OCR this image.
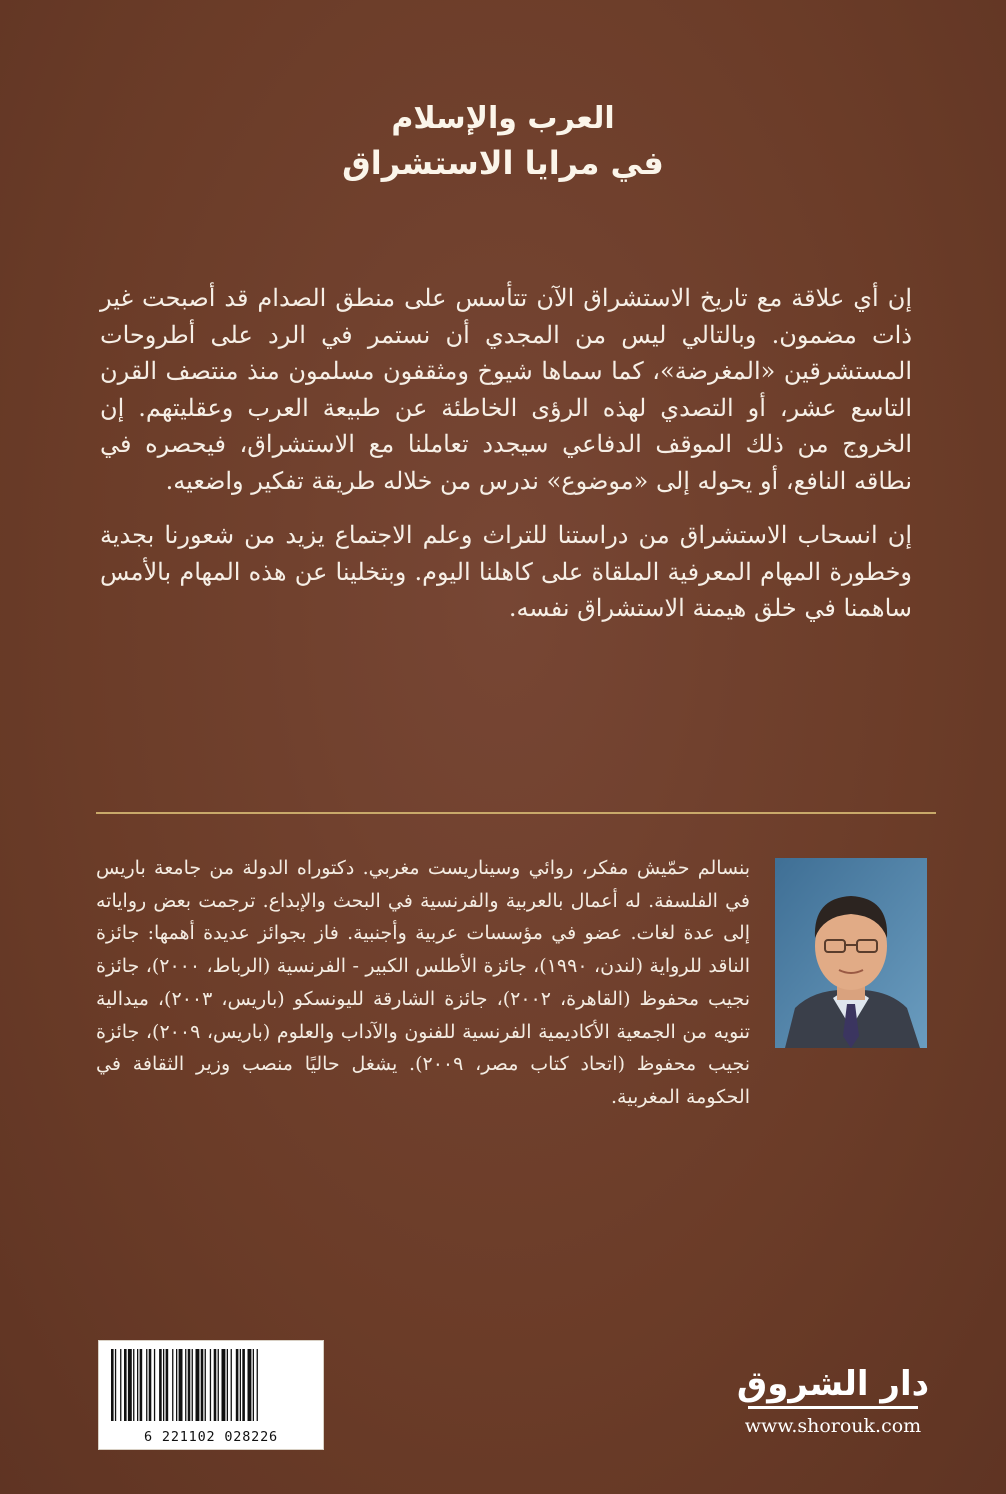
العرب والإسلام
في مرايا الاستشراق

إن أي علاقة مع تاريخ الاستشراق الآن تتأسس على منطق الصدام قد أصبحت غير ذات مضمون. وبالتالي ليس من المجدي أن نستمر في الرد على أطروحات المستشرقين «المغرضة»، كما سماها شيوخ ومثقفون مسلمون منذ منتصف القرن التاسع عشر، أو التصدي لهذه الرؤى الخاطئة عن طبيعة العرب وعقليتهم. إن الخروج من ذلك الموقف الدفاعي سيجدد تعاملنا مع الاستشراق، فيحصره في نطاقه النافع، أو يحوله إلى «موضوع» ندرس من خلاله طريقة تفكير واضعيه.

إن انسحاب الاستشراق من دراستنا للتراث وعلم الاجتماع يزيد من شعورنا بجدية وخطورة المهام المعرفية الملقاة على كاهلنا اليوم. وبتخلينا عن هذه المهام بالأمس ساهمنا في خلق هيمنة الاستشراق نفسه.

بنسالم حمّيش مفكر، روائي وسيناريست مغربي. دكتوراه الدولة من جامعة باريس في الفلسفة. له أعمال بالعربية والفرنسية في البحث والإبداع. ترجمت بعض رواياته إلى عدة لغات. عضو في مؤسسات عربية وأجنبية. فاز بجوائز عديدة أهمها: جائزة الناقد للرواية (لندن، ١٩٩٠)، جائزة الأطلس الكبير - الفرنسية (الرباط، ٢٠٠٠)، جائزة نجيب محفوظ (القاهرة، ٢٠٠٢)، جائزة الشارقة لليونسكو (باريس، ٢٠٠٣)، ميدالية تنويه من الجمعية الأكاديمية الفرنسية للفنون والآداب والعلوم (باريس، ٢٠٠٩)، جائزة نجيب محفوظ (اتحاد كتاب مصر، ٢٠٠٩). يشغل حاليًا منصب وزير الثقافة في الحكومة المغربية.

6 221102 028226
دار الشروق
www.shorouk.com
